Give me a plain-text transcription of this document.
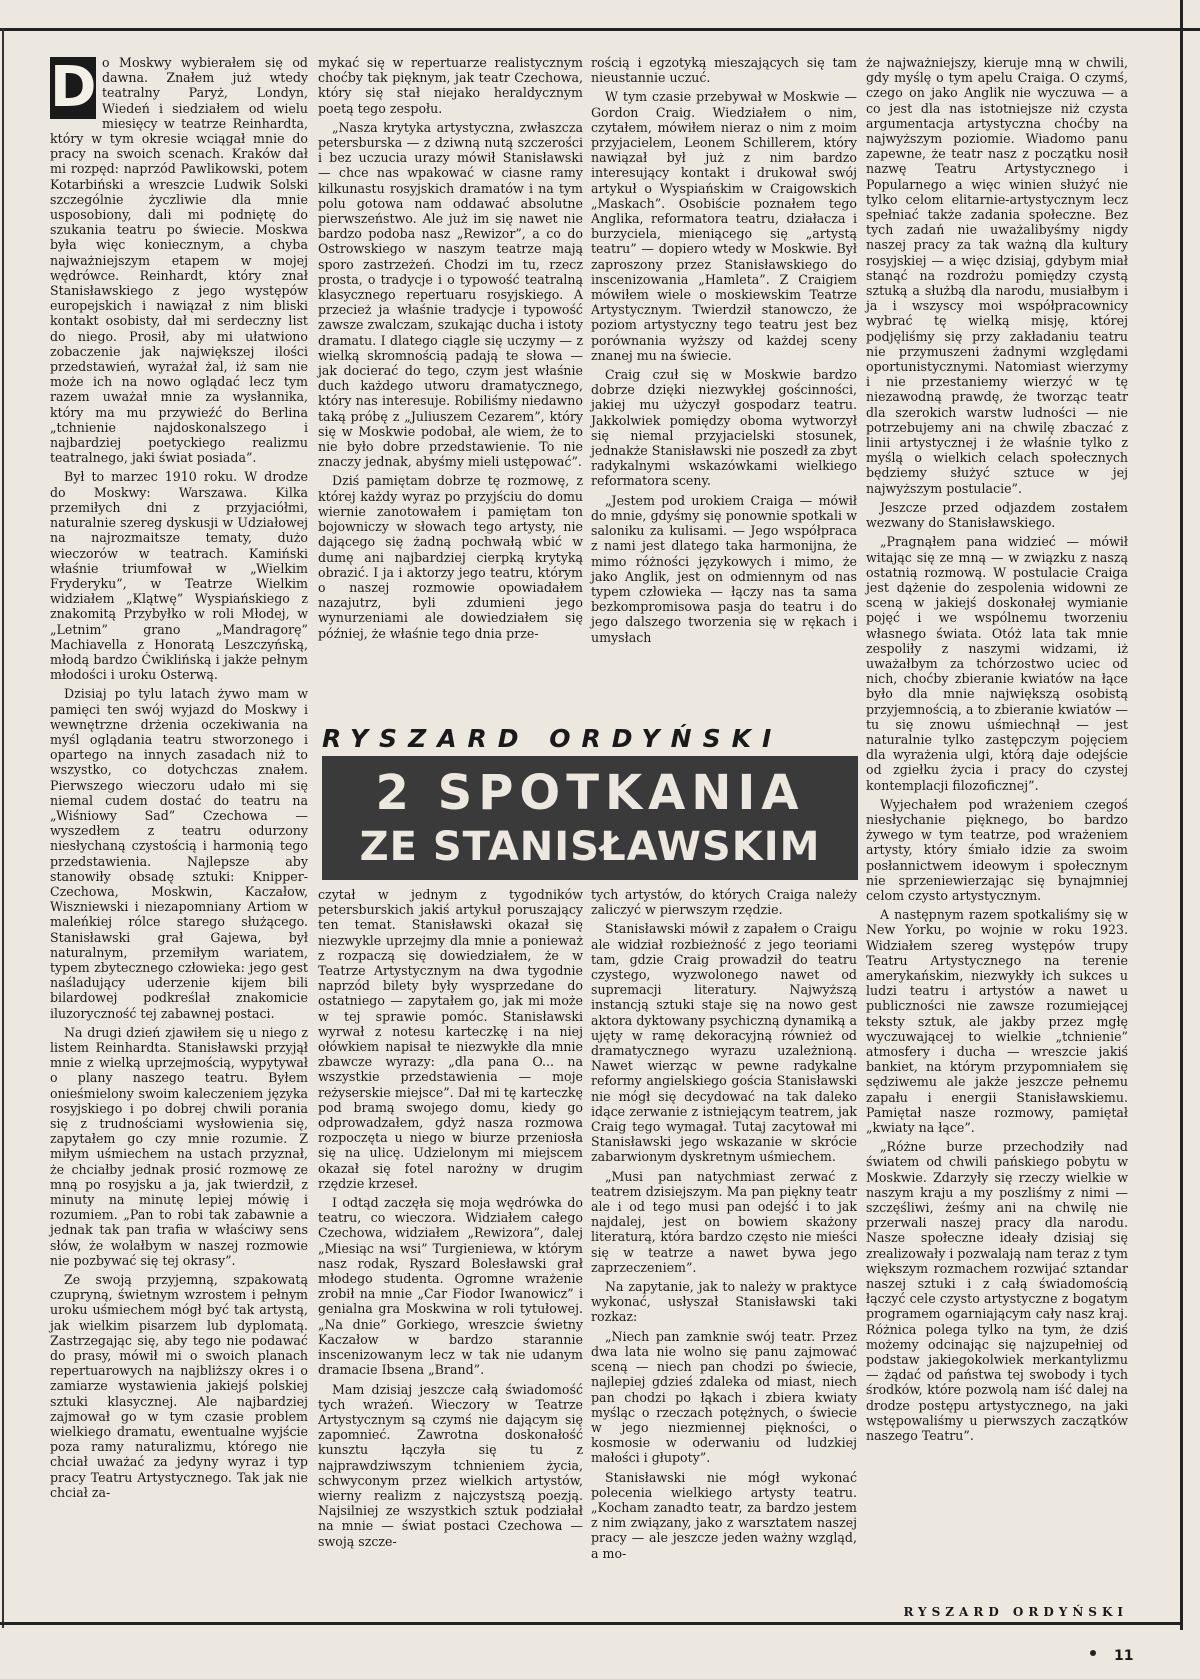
D o Moskwy wybierałem się od dawna. Znałem już wtedy teatralny Paryż, Londyn, Wiedeń i siedziałem od wielu miesięcy w teatrze Reinhardta, który w tym okresie wciągał mnie do pracy na swoich scenach. Kraków dał mi rozpęd: naprzód Pawlikowski, potem Kotarbiński a wreszcie Ludwik Solski szczególnie życzliwie dla mnie usposobiony, dali mi podniętę do szukania teatru po świecie. Moskwa była więc koniecznym, a chyba najważniejszym etapem w mojej wędrówce. Reinhardt, który znał Stanisławskiego z jego występów europejskich i nawiązał z nim bliski kontakt osobisty, dał mi serdeczny list do niego. Prosił, aby mi ułatwiono zobaczenie jak największej ilości przedstawień, wyrażał żal, iż sam nie może ich na nowo oglądać lecz tym razem uważał mnie za wysłannika, który ma mu przywieźć do Berlina „tchnienie najdoskonalszego i najbardziej poetyckiego realizmu teatralnego, jaki świat posiada”.

Był to marzec 1910 roku. W drodze do Moskwy: Warszawa. Kilka przemiłych dni z przyjaciółmi, naturalnie szereg dyskusji w Udziałowej na najrozmaitsze tematy, dużo wieczorów w teatrach. Kamiński właśnie triumfował w „Wielkim Fryderyku”, w Teatrze Wielkim widziałem „Klątwę” Wyspiańskiego z znakomitą Przybyłko w roli Młodej, w „Letnim” grano „Mandragorę” Machiavella z Honoratą Leszczyńską, młodą bardzo Ćwiklińską i jakże pełnym młodości i uroku Osterwą.

Dzisiaj po tylu latach żywo mam w pamięci ten swój wyjazd do Moskwy i wewnętrzne drżenia oczekiwania na myśl oglądania teatru stworzonego i opartego na innych zasadach niż to wszystko, co dotychczas znałem. Pierwszego wieczoru udało mi się niemal cudem dostać do teatru na „Wiśniowy Sad” Czechowa — wyszedłem z teatru odurzony niesłychaną czystością i harmonią tego przedstawienia. Najlepsze aby stanowiły obsadę sztuki: Knipper-Czechowa, Moskwin, Kaczałow, Wiszniewski i niezapomniany Artiom w maleńkiej rólce starego służącego. Stanisławski grał Gajewa, był naturalnym, przemiłym wariatem, typem zbytecznego człowieka: jego gest naśladujący uderzenie kijem bili bilardowej podkreślał znakomicie iluzoryczność tej zabawnej postaci.

Na drugi dzień zjawiłem się u niego z listem Reinhardta. Stanisławski przyjął mnie z wielką uprzejmością, wypytywał o plany naszego teatru. Byłem onieśmielony swoim kaleczeniem języka rosyjskiego i po dobrej chwili porania się z trudnościami wysłowienia się, zapytałem go czy mnie rozumie. Z miłym uśmiechem na ustach przyznał, że chciałby jednak prosić rozmowę ze mną po rosyjsku a ja, jak twierdził, z minuty na minutę lepiej mówię i rozumiem. „Pan to robi tak zabawnie a jednak tak pan trafia w właściwy sens słów, że wolałbym w naszej rozmowie nie pozbywać się tej okrasy”.

Ze swoją przyjemną, szpakowatą czupryną, świetnym wzrostem i pełnym uroku uśmiechem mógł być tak artystą, jak wielkim pisarzem lub dyplomatą. Zastrzegając się, aby tego nie podawać do prasy, mówił mi o swoich planach repertuarowych na najbliższy okres i o zamiarze wystawienia jakiejś polskiej sztuki klasycznej. Ale najbardziej zajmował go w tym czasie problem wielkiego dramatu, ewentualne wyjście poza ramy naturalizmu, którego nie chciał uważać za jedyny wyraz i typ pracy Teatru Artystycznego. Tak jak nie chciał za-

mykać się w repertuarze realistycznym choćby tak pięknym, jak teatr Czechowa, który się stał niejako heraldycznym poetą tego zespołu.

„Nasza krytyka artystyczna, zwłaszcza petersburska — z dziwną nutą szczerości i bez uczucia urazy mówił Stanisławski — chce nas wpakować w ciasne ramy kilkunastu rosyjskich dramatów i na tym polu gotowa nam oddawać absolutne pierwszeństwo. Ale już im się nawet nie bardzo podoba nasz „Rewizor”, a co do Ostrowskiego w naszym teatrze mają sporo zastrzeżeń. Chodzi im tu, rzecz prosta, o tradycje i o typowość teatralną klasycznego repertuaru rosyjskiego. A przecież ja właśnie tradycje i typowość zawsze zwalczam, szukając ducha i istoty dramatu. I dlatego ciągle się uczymy — z wielką skromnością padają te słowa — jak docierać do tego, czym jest właśnie duch każdego utworu dramatycznego, który nas interesuje. Robiliśmy niedawno taką próbę z „Juliuszem Cezarem”, który się w Moskwie podobał, ale wiem, że to nie było dobre przedstawienie. To nie znaczy jednak, abyśmy mieli ustępować”.

Dziś pamiętam dobrze tę rozmowę, z której każdy wyraz po przyjściu do domu wiernie zanotowałem i pamiętam ton bojowniczy w słowach tego artysty, nie dającego się żadną pochwałą wbić w dumę ani najbardziej cierpką krytyką obrazić. I ja i aktorzy jego teatru, którym o naszej rozmowie opowiadałem nazajutrz, byli zdumieni jego wynurzeniami ale dowiedziałem się później, że właśnie tego dnia prze-

rością i egzotyką mieszających się tam nieustannie uczuć.

W tym czasie przebywał w Moskwie — Gordon Craig. Wiedziałem o nim, czytałem, mówiłem nieraz o nim z moim przyjacielem, Leonem Schillerem, który nawiązał był już z nim bardzo interesujący kontakt i drukował swój artykuł o Wyspiańskim w Craigowskich „Maskach”. Osobiście poznałem tego Anglika, reformatora teatru, działacza i burzyciela, mieniącego się „artystą teatru” — dopiero wtedy w Moskwie. Był zaproszony przez Stanisławskiego do inscenizowania „Hamleta”. Z Craigiem mówiłem wiele o moskiewskim Teatrze Artystycznym. Twierdził stanowczo, że poziom artystyczny tego teatru jest bez porównania wyższy od każdej sceny znanej mu na świecie.

Craig czuł się w Moskwie bardzo dobrze dzięki niezwykłej gościnności, jakiej mu użyczył gospodarz teatru. Jakkolwiek pomiędzy oboma wytworzył się niemal przyjacielski stosunek, jednakże Stanisławski nie poszedł za zbyt radykalnymi wskazówkami wielkiego reformatora sceny.

„Jestem pod urokiem Craiga — mówił do mnie, gdyśmy się ponownie spotkali w saloniku za kulisami. — Jego współpraca z nami jest dlatego taka harmonijna, że mimo różności językowych i mimo, że jako Anglik, jest on odmiennym od nas typem człowieka — łączy nas ta sama bezkompromisowa pasja do teatru i do jego dalszego tworzenia się w rękach i umysłach

RYSZARD ORDYŃSKI
2 SPOTKANIA
ZE STANISŁAWSKIM

czytał w jednym z tygodników petersburskich jakiś artykuł poruszający ten temat. Stanisławski okazał się niezwykle uprzejmy dla mnie a ponieważ z rozpaczą się dowiedziałem, że w Teatrze Artystycznym na dwa tygodnie naprzód bilety były wysprzedane do ostatniego — zapytałem go, jak mi może w tej sprawie pomóc. Stanisławski wyrwał z notesu karteczkę i na niej ołówkiem napisał te niezwykłe dla mnie zbawcze wyrazy: „dla pana O... na wszystkie przedstawienia — moje reżyserskie miejsce”. Dał mi tę karteczkę pod bramą swojego domu, kiedy go odprowadzałem, gdyż nasza rozmowa rozpoczęta u niego w biurze przeniosła się na ulicę. Udzielonym mi miejscem okazał się fotel narożny w drugim rzędzie krzeseł.

I odtąd zaczęła się moja wędrówka do teatru, co wieczora. Widziałem całego Czechowa, widziałem „Rewizora”, dalej „Miesiąc na wsi” Turgieniewa, w którym nasz rodak, Ryszard Bolesławski grał młodego studenta. Ogromne wrażenie zrobił na mnie „Car Fiodor Iwanowicz” i genialna gra Moskwina w roli tytułowej. „Na dnie” Gorkiego, wreszcie świetny Kaczałow w bardzo starannie inscenizowanym lecz w tak nie udanym dramacie Ibsena „Brand”.

Mam dzisiaj jeszcze całą świadomość tych wrażeń. Wieczory w Teatrze Artystycznym są czymś nie dającym się zapomnieć. Zawrotna doskonałość kunsztu łączyła się tu z najprawdziwszym tchnieniem życia, schwyconym przez wielkich artystów, wierny realizm z najczystszą poezją. Najsilniej ze wszystkich sztuk podziałał na mnie — świat postaci Czechowa — swoją szcze-

tych artystów, do których Craiga należy zaliczyć w pierwszym rzędzie.

Stanisławski mówił z zapałem o Craigu ale widział rozbieżność z jego teoriami tam, gdzie Craig prowadził do teatru czystego, wyzwolonego nawet od supremacji literatury. Najwyższą instancją sztuki staje się na nowo gest aktora dyktowany psychiczną dynamiką a ujęty w ramę dekoracyjną również od dramatycznego wyrazu uzależnioną. Nawet wierząc w pewne radykalne reformy angielskiego gościa Stanisławski nie mógł się decydować na tak daleko idące zerwanie z istniejącym teatrem, jak Craig tego wymagał. Tutaj zacytował mi Stanisławski jego wskazanie w skrócie zabarwionym dyskretnym uśmiechem.

„Musi pan natychmiast zerwać z teatrem dzisiejszym. Ma pan piękny teatr ale i od tego musi pan odejść i to jak najdalej, jest on bowiem skażony literaturą, która bardzo często nie mieści się w teatrze a nawet bywa jego zaprzeczeniem”.

Na zapytanie, jak to należy w praktyce wykonać, usłyszał Stanisławski taki rozkaz:

„Niech pan zamknie swój teatr. Przez dwa lata nie wolno się panu zajmować sceną — niech pan chodzi po świecie, najlepiej gdzieś zdaleka od miast, niech pan chodzi po łąkach i zbiera kwiaty myśląc o rzeczach potężnych, o świecie w jego niezmiennej piękności, o kosmosie w oderwaniu od ludzkiej małości i głupoty”.

Stanisławski nie mógł wykonać polecenia wielkiego artysty teatru. „Kocham zanadto teatr, za bardzo jestem z nim związany, jako z warsztatem naszej pracy — ale jeszcze jeden ważny wzgląd, a mo-

że najważniejszy, kieruje mną w chwili, gdy myślę o tym apelu Craiga. O czymś, czego on jako Anglik nie wyczuwa — a co jest dla nas istotniejsze niż czysta argumentacja artystyczna choćby na najwyższym poziomie. Wiadomo panu zapewne, że teatr nasz z początku nosił nazwę Teatru Artystycznego i Popularnego a więc winien służyć nie tylko celom elitarnie-artystycznym lecz spełniać także zadania społeczne. Bez tych zadań nie uważalibyśmy nigdy naszej pracy za tak ważną dla kultury rosyjskiej — a więc dzisiaj, gdybym miał stanąć na rozdrożu pomiędzy czystą sztuką a służbą dla narodu, musiałbym i ja i wszyscy moi współpracownicy wybrać tę wielką misję, której podjęliśmy się przy zakładaniu teatru nie przymuszeni żadnymi względami oportunistycznymi. Natomiast wierzymy i nie przestaniemy wierzyć w tę niezawodną prawdę, że tworząc teatr dla szerokich warstw ludności — nie potrzebujemy ani na chwilę zbaczać z linii artystycznej i że właśnie tylko z myślą o wielkich celach społecznych będziemy służyć sztuce w jej najwyższym postulacie”.

Jeszcze przed odjazdem zostałem wezwany do Stanisławskiego.

„Pragnąłem pana widzieć — mówił witając się ze mną — w związku z naszą ostatnią rozmową. W postulacie Craiga jest dążenie do zespolenia widowni ze sceną w jakiejś doskonałej wymianie pojęć i we wspólnemu tworzeniu własnego świata. Otóż lata tak mnie zespoliły z naszymi widzami, iż uważałbym za tchórzostwo uciec od nich, choćby zbieranie kwiatów na łące było dla mnie największą osobistą przyjemnością, a to zbieranie kwiatów — tu się znowu uśmiechnął — jest naturalnie tylko zastępczym pojęciem dla wyrażenia ulgi, którą daje odejście od zgiełku życia i pracy do czystej kontemplacji filozoficznej”.

Wyjechałem pod wrażeniem czegoś niesłychanie pięknego, bo bardzo żywego w tym teatrze, pod wrażeniem artysty, który śmiało idzie za swoim posłannictwem ideowym i społecznym nie sprzeniewierzając się bynajmniej celom czysto artystycznym.

A następnym razem spotkaliśmy się w New Yorku, po wojnie w roku 1923. Widziałem szereg występów trupy Teatru Artystycznego na terenie amerykańskim, niezwykły ich sukces u ludzi teatru i artystów a nawet u publiczności nie zawsze rozumiejącej teksty sztuk, ale jakby przez mgłę wyczuwającej to wielkie „tchnienie” atmosfery i ducha — wreszcie jakiś bankiet, na którym przypomniałem się sędziwemu ale jakże jeszcze pełnemu zapału i energii Stanisławskiemu. Pamiętał nasze rozmowy, pamiętał „kwiaty na łące”.

„Różne burze przechodziły nad światem od chwili pańskiego pobytu w Moskwie. Zdarzyły się rzeczy wielkie w naszym kraju a my poszliśmy z nimi — szczęśliwi, żeśmy ani na chwilę nie przerwali naszej pracy dla narodu. Nasze społeczne ideały dzisiaj się zrealizowały i pozwalają nam teraz z tym większym rozmachem rozwijać sztandar naszej sztuki i z całą świadomością łączyć cele czysto artystyczne z bogatym programem ogarniającym cały nasz kraj. Różnica polega tylko na tym, że dziś możemy odcinając się najzupełniej od podstaw jakiegokolwiek merkantylizmu — żądać od państwa tej swobody i tych środków, które pozwolą nam iść dalej na drodze postępu artystycznego, na jaki wstępowaliśmy u pierwszych zaczątków naszego Teatru”.

RYSZARD ORDYŃSKI
11
